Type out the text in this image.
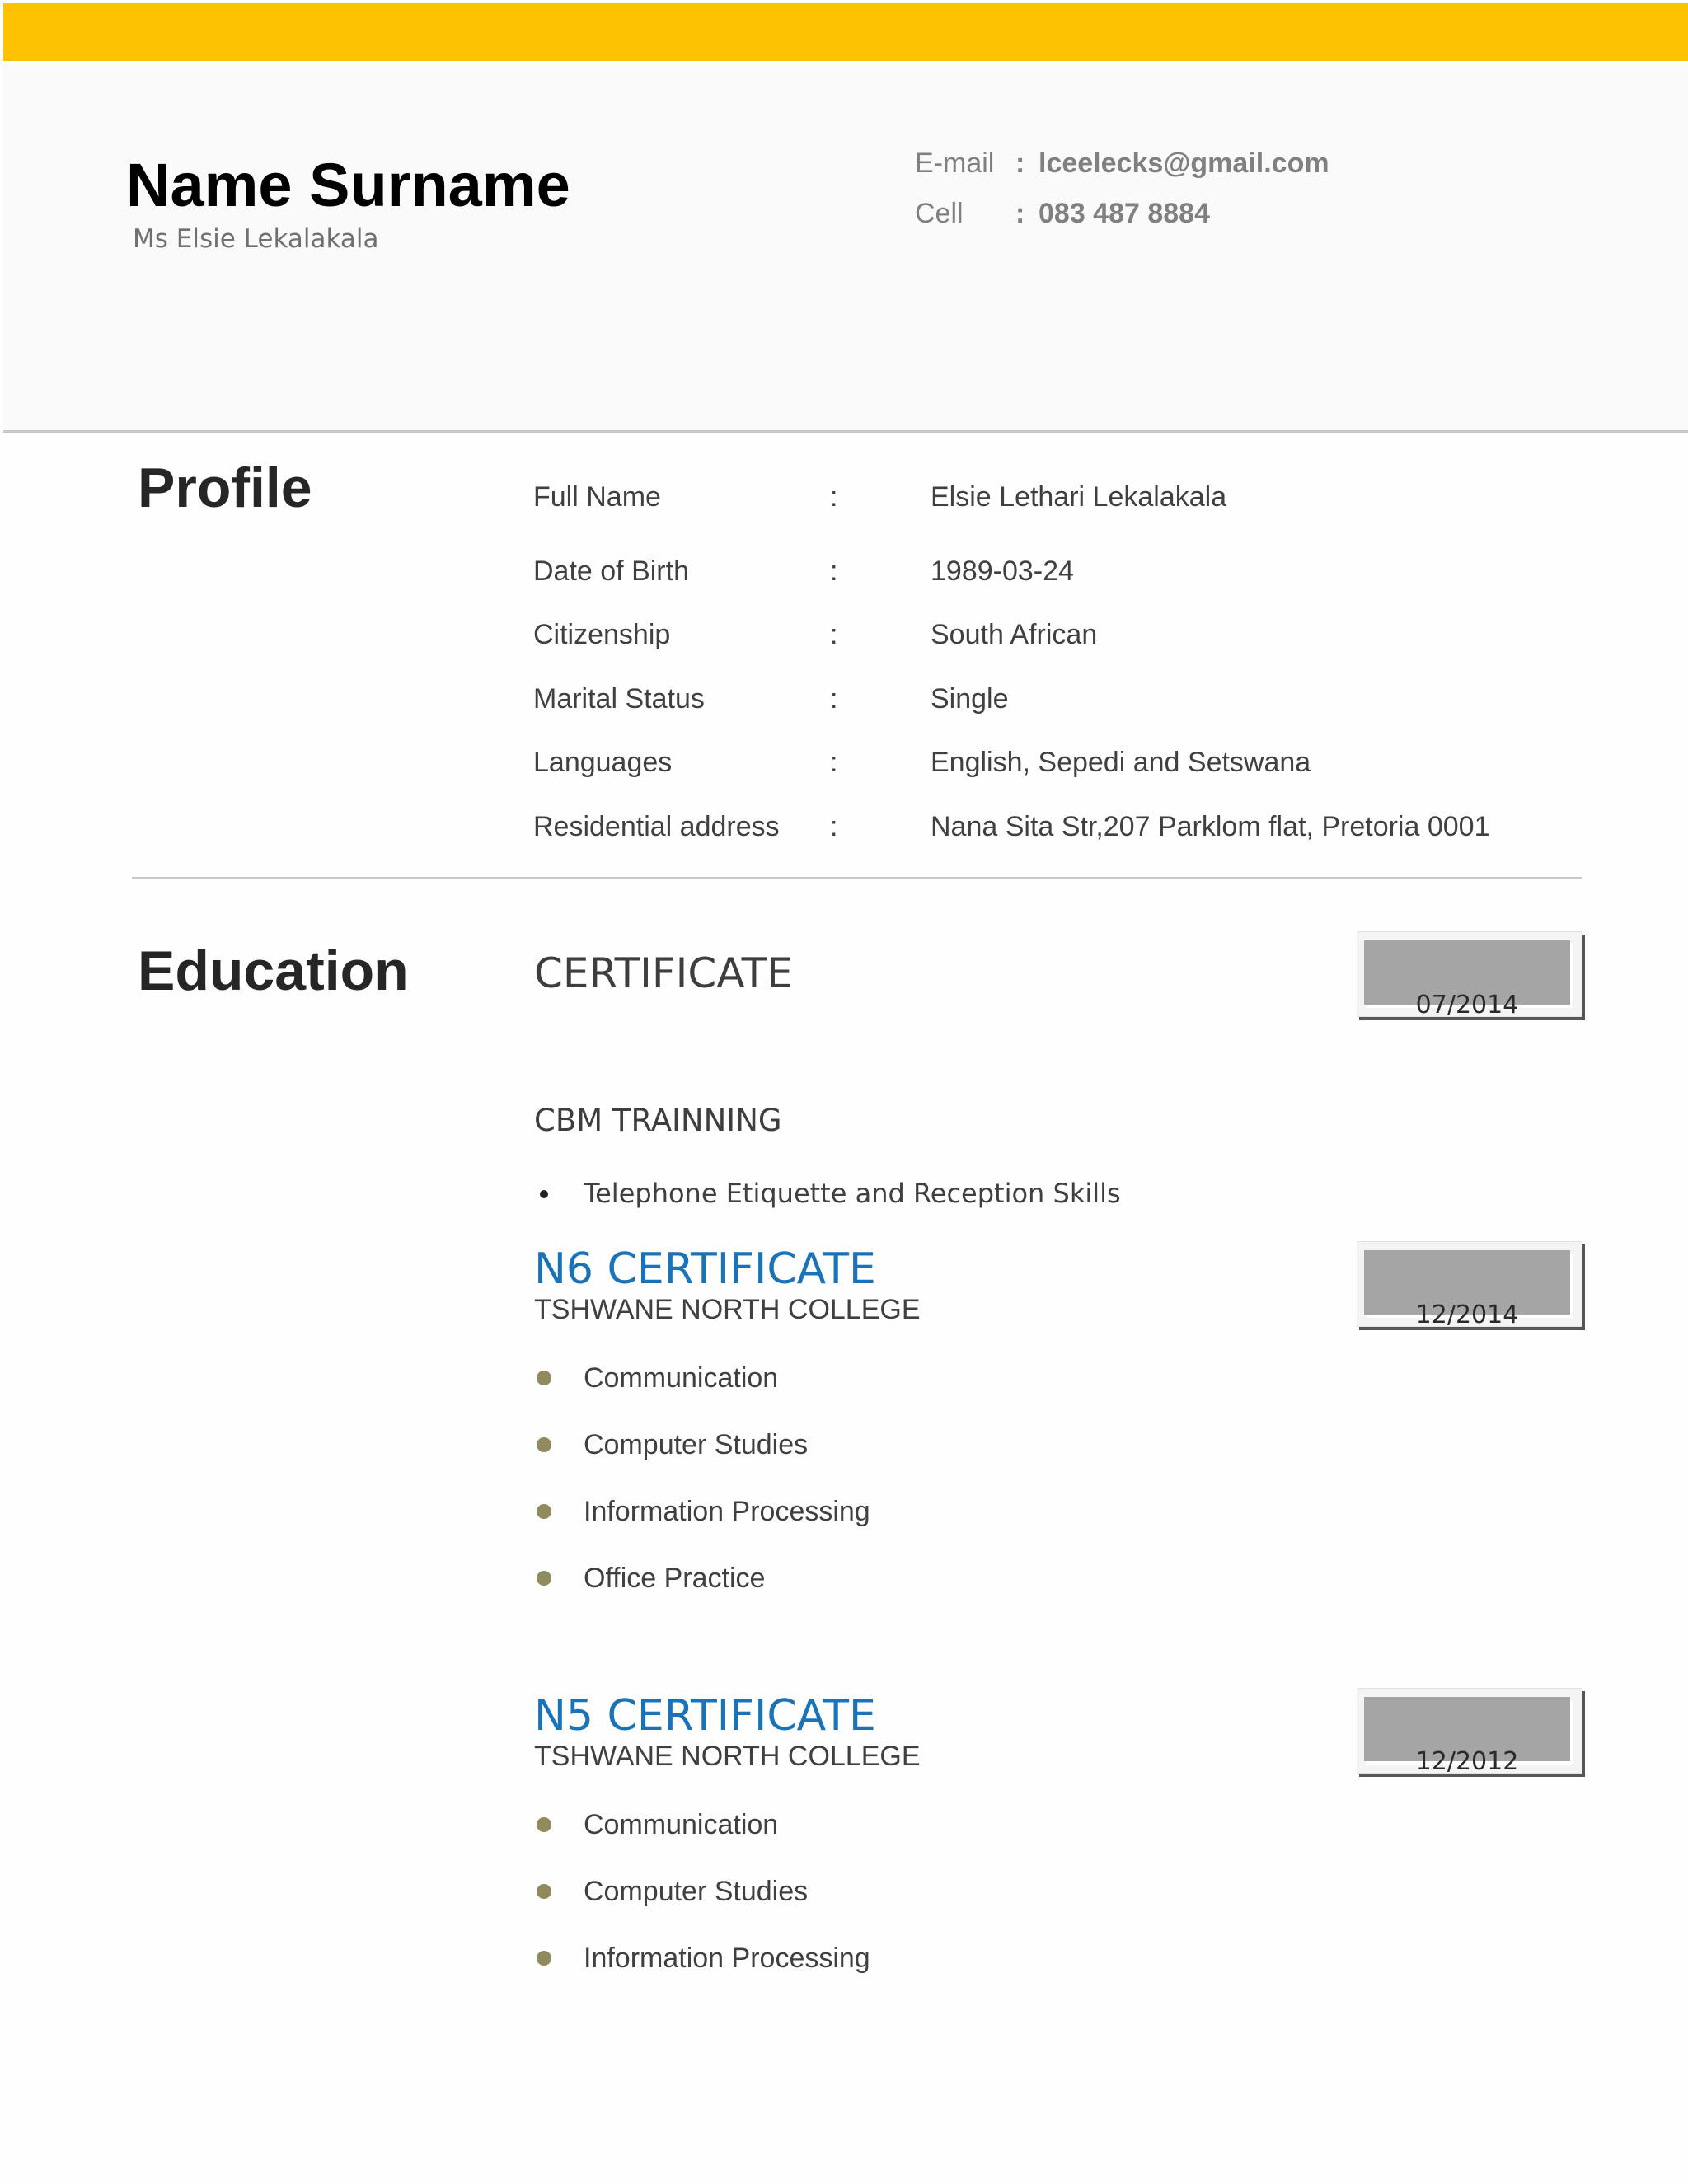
Name Surname
Ms Elsie Lekalakala
E-mail : lceelecks@gmail.com
Cell : 083 487 8884
Profile	Full Name	:	Elsie Lethari Lekalakala
Date of Birth	:	1989-03-24
Citizenship	:	South African
Marital Status	:	Single
Languages	:	English, Sepedi and Setswana
Residential address :	Nana Sita Str,207 Parklom flat, Pretoria 0001
Education	CERTIFICATE
07/2014
CBM TRAINNING
Telephone Etiquette and Reception Skills
N6 CERTIFICATE
TSHWANE NORTH COLLEGE	12/2014
Communication
Computer Studies
Information Processing
Office Practice
N5 CERTIFICATE
TSHWANE NORTH COLLEGE	12/2012
Communication
Computer Studies
Information Processing
